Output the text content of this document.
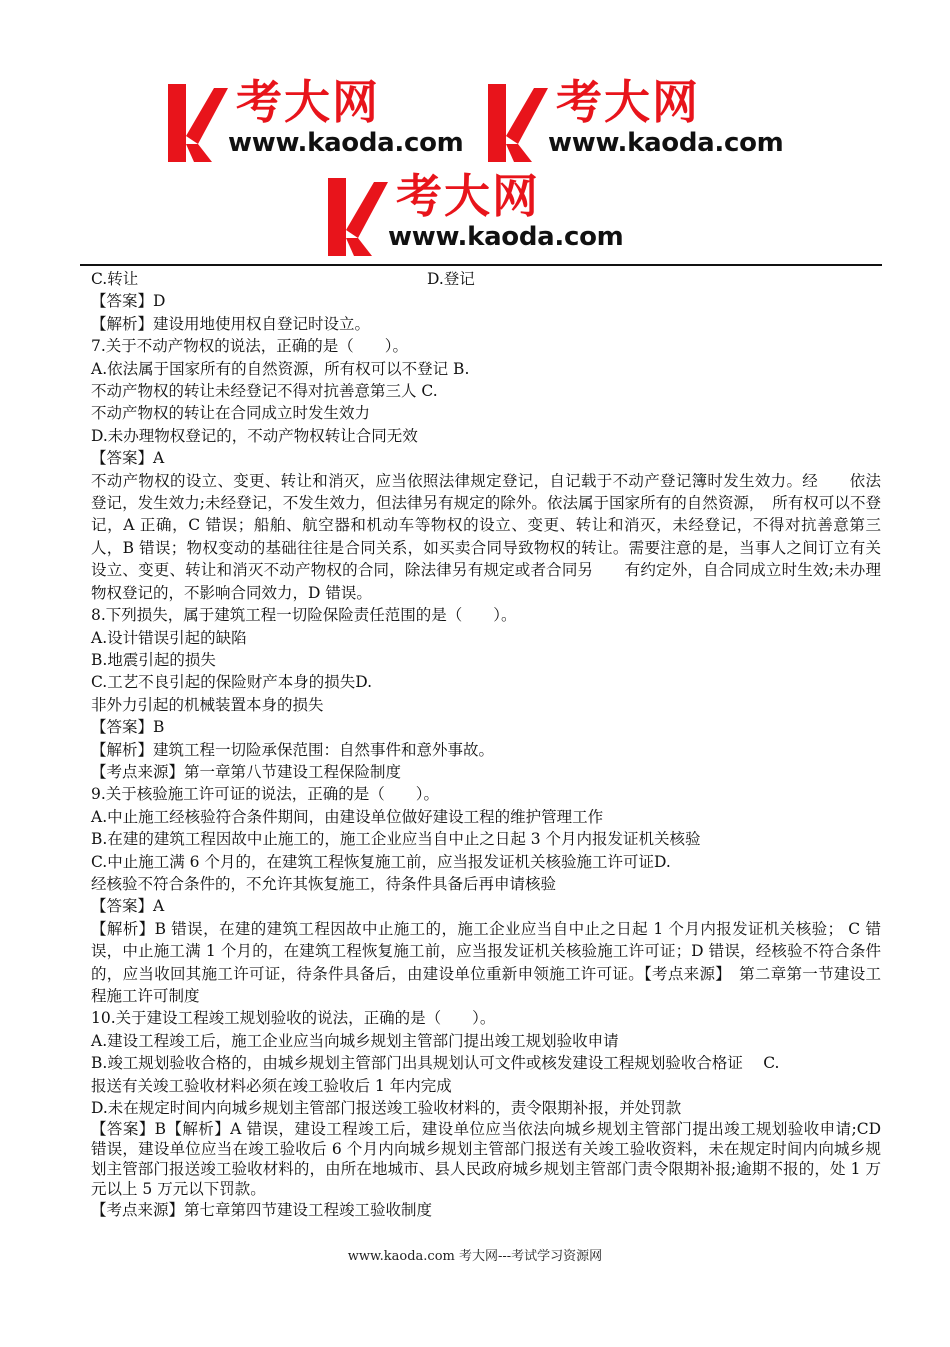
考大网
www.kaoda.com
考大网
www.kaoda.com
考大网
www.kaoda.com

C.转让	D.登记

【答案】D

【解析】建设用地使用权自登记时设立。

7.关于不动产物权的说法，正确的是（　　）。

A.依法属于国家所有的自然资源，所有权可以不登记 B.

不动产物权的转让未经登记不得对抗善意第三人 C.

不动产物权的转让在合同成立时发生效力

D.未办理物权登记的，不动产物权转让合同无效

【答案】A

不动产物权的设立、变更、转让和消灭，应当依照法律规定登记，自记载于不动产登记簿时发生效力。经　　依法登记，发生效力;未经登记，不发生效力，但法律另有规定的除外。依法属于国家所有的自然资源，　所有权可以不登记，A 正确，C 错误；船舶、航空器和机动车等物权的设立、变更、转让和消灭，未经登记，不得对抗善意第三人，B 错误；物权变动的基础往往是合同关系，如买卖合同导致物权的转让。需要注意的是，当事人之间订立有关设立、变更、转让和消灭不动产物权的合同，除法律另有规定或者合同另　　有约定外，自合同成立时生效;未办理物权登记的，不影响合同效力，D 错误。

8.下列损失，属于建筑工程一切险保险责任范围的是（　　）。

A.设计错误引起的缺陷

B.地震引起的损失

C.工艺不良引起的保险财产本身的损失D.

非外力引起的机械装置本身的损失

【答案】B

【解析】建筑工程一切险承保范围：自然事件和意外事故。

【考点来源】第一章第八节建设工程保险制度

9.关于核验施工许可证的说法，正确的是（　　）。

A.中止施工经核验符合条件期间，由建设单位做好建设工程的维护管理工作

B.在建的建筑工程因故中止施工的，施工企业应当自中止之日起 3 个月内报发证机关核验

C.中止施工满 6 个月的，在建筑工程恢复施工前，应当报发证机关核验施工许可证D.

经核验不符合条件的，不允许其恢复施工，待条件具备后再申请核验

【答案】A

【解析】B 错误，在建的建筑工程因故中止施工的，施工企业应当自中止之日起 1 个月内报发证机关核验； C 错误，中止施工满 1 个月的，在建筑工程恢复施工前，应当报发证机关核验施工许可证；D 错误，经核验不符合条件的，应当收回其施工许可证，待条件具备后，由建设单位重新申领施工许可证。【考点来源】　第二章第一节建设工程施工许可制度

10.关于建设工程竣工规划验收的说法，正确的是（　　）。

A.建设工程竣工后，施工企业应当向城乡规划主管部门提出竣工规划验收申请

B.竣工规划验收合格的，由城乡规划主管部门出具规划认可文件或核发建设工程规划验收合格证　 C.

报送有关竣工验收材料必须在竣工验收后 1 年内完成

D.未在规定时间内向城乡规划主管部门报送竣工验收材料的，责令限期补报，并处罚款

【答案】B【解析】A 错误，建设工程竣工后，建设单位应当依法向城乡规划主管部门提出竣工规划验收申请;CD 错误，建设单位应当在竣工验收后 6 个月内向城乡规划主管部门报送有关竣工验收资料，未在规定时间内向城乡规划主管部门报送竣工验收材料的，由所在地城市、县人民政府城乡规划主管部门责令限期补报;逾期不报的，处 1 万元以上 5 万元以下罚款。

【考点来源】第七章第四节建设工程竣工验收制度

www.kaoda.com 考大网---考试学习资源网
